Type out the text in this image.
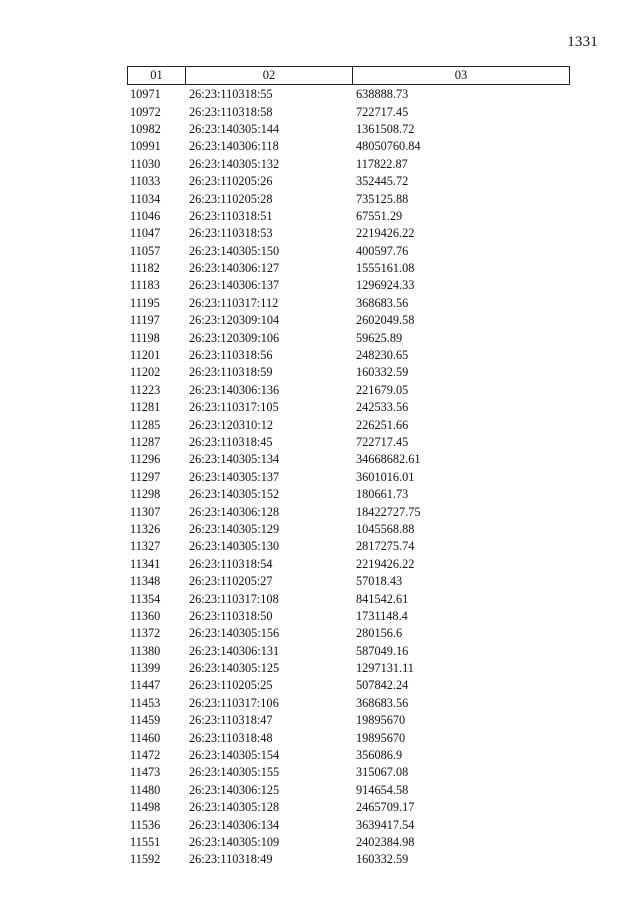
1331
01	02	03
10971	26:23:110318:55	638888.73
10972	26:23:110318:58	722717.45
10982	26:23:140305:144	1361508.72
10991	26:23:140306:118	48050760.84
11030	26:23:140305:132	117822.87
11033	26:23:110205:26	352445.72
11034	26:23:110205:28	735125.88
11046	26:23:110318:51	67551.29
11047	26:23:110318:53	2219426.22
11057	26:23:140305:150	400597.76
11182	26:23:140306:127	1555161.08
11183	26:23:140306:137	1296924.33
11195	26:23:110317:112	368683.56
11197	26:23:120309:104	2602049.58
11198	26:23:120309:106	59625.89
11201	26:23:110318:56	248230.65
11202	26:23:110318:59	160332.59
11223	26:23:140306:136	221679.05
11281	26:23:110317:105	242533.56
11285	26:23:120310:12	226251.66
11287	26:23:110318:45	722717.45
11296	26:23:140305:134	34668682.61
11297	26:23:140305:137	3601016.01
11298	26:23:140305:152	180661.73
11307	26:23:140306:128	18422727.75
11326	26:23:140305:129	1045568.88
11327	26:23:140305:130	2817275.74
11341	26:23:110318:54	2219426.22
11348	26:23:110205:27	57018.43
11354	26:23:110317:108	841542.61
11360	26:23:110318:50	1731148.4
11372	26:23:140305:156	280156.6
11380	26:23:140306:131	587049.16
11399	26:23:140305:125	1297131.11
11447	26:23:110205:25	507842.24
11453	26:23:110317:106	368683.56
11459	26:23:110318:47	19895670
11460	26:23:110318:48	19895670
11472	26:23:140305:154	356086.9
11473	26:23:140305:155	315067.08
11480	26:23:140306:125	914654.58
11498	26:23:140305:128	2465709.17
11536	26:23:140306:134	3639417.54
11551	26:23:140305:109	2402384.98
11592	26:23:110318:49	160332.59
